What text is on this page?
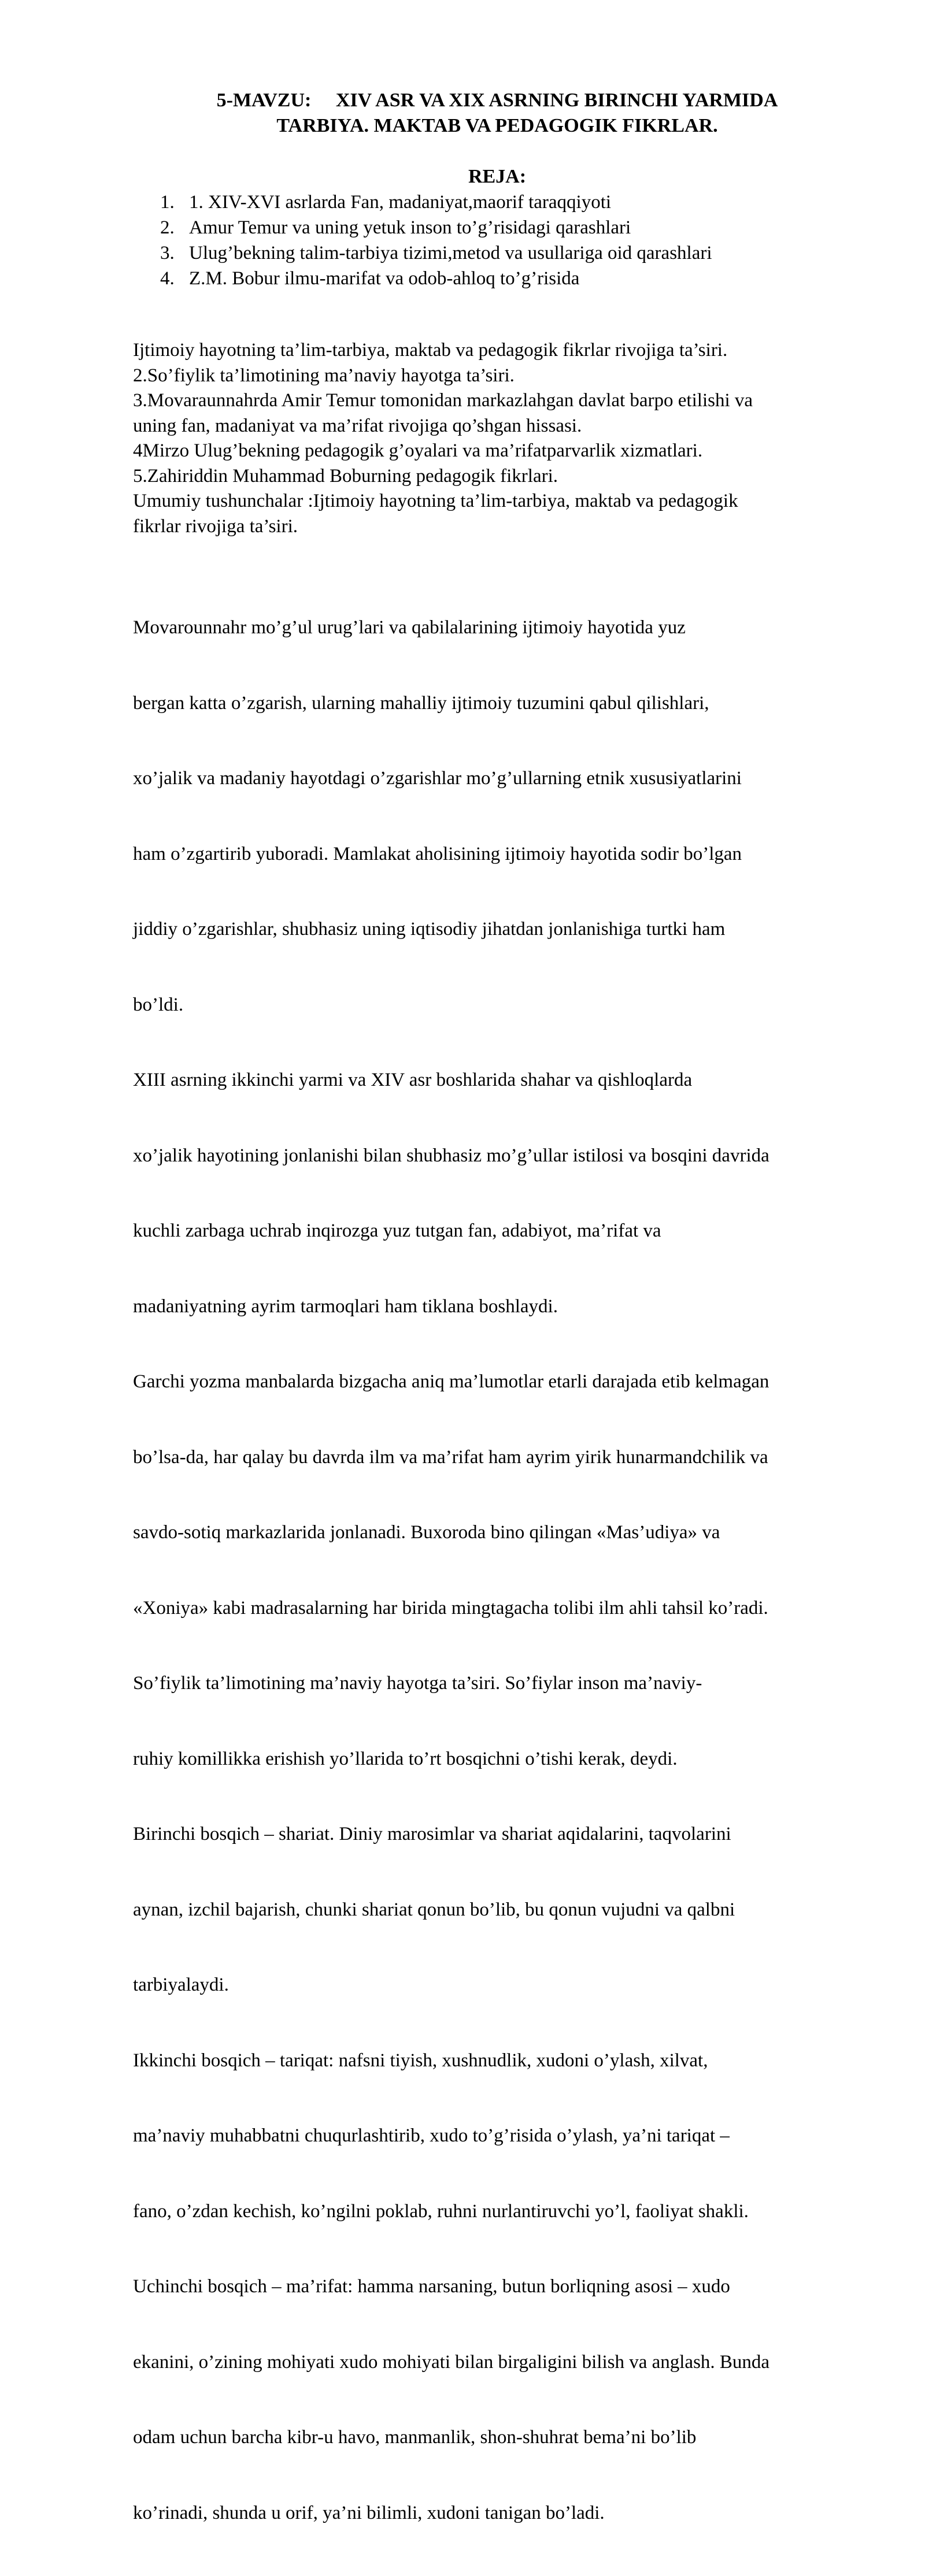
5-MAVZU:     XIV ASR VA XIX ASRNING BIRINCHI YARMIDA
TARBIYA. MAKTAB VA PEDAGOGIK FIKRLAR.
REJA:
1. 1. XIV-XVI asrlarda Fan, madaniyat,maorif taraqqiyoti
2. Amur Temur va uning yetuk inson to’g’risidagi qarashlari
3. Ulug’bekning talim-tarbiya tizimi,metod va usullariga oid qarashlari
4. Z.M. Bobur ilmu-marifat va odob-ahloq to’g’risida
Ijtimoiy hayotning ta’lim-tarbiya, maktab va pedagogik fikrlar rivojiga ta’siri.
2.So’fiylik ta’limotining ma’naviy hayotga ta’siri.
3.Movaraunnahrda Amir Temur tomonidan markazlahgan davlat barpo etilishi va
uning fan, madaniyat va ma’rifat rivojiga qo’shgan hissasi.
4Mirzo Ulug’bekning pedagogik g’oyalari va ma’rifatparvarlik xizmatlari.
5.Zahiriddin Muhammad Boburning pedagogik fikrlari.
Umumiy tushunchalar :Ijtimoiy hayotning ta’lim-tarbiya, maktab va pedagogik
fikrlar rivojiga ta’siri.

Movarounnahr mo’g’ul urug’lari va qabilalarining ijtimoiy hayotida yuz

bergan katta o’zgarish, ularning mahalliy ijtimoiy tuzumini qabul qilishlari,

xo’jalik va madaniy hayotdagi o’zgarishlar mo’g’ullarning etnik xususiyatlarini

ham o’zgartirib yuboradi. Mamlakat aholisining ijtimoiy hayotida sodir bo’lgan

jiddiy o’zgarishlar, shubhasiz uning iqtisodiy jihatdan jonlanishiga turtki ham

bo’ldi.

XIII asrning ikkinchi yarmi va XIV asr boshlarida shahar va qishloqlarda

xo’jalik hayotining jonlanishi bilan shubhasiz mo’g’ullar istilosi va bosqini davrida

kuchli zarbaga uchrab inqirozga yuz tutgan fan, adabiyot, ma’rifat va

madaniyatning ayrim tarmoqlari ham tiklana boshlaydi.

Garchi yozma manbalarda bizgacha aniq ma’lumotlar etarli darajada etib kelmagan

bo’lsa-da, har qalay bu davrda ilm va ma’rifat ham ayrim yirik hunarmandchilik va

savdo-sotiq markazlarida jonlanadi. Buxoroda bino qilingan «Mas’udiya» va

«Xoniya» kabi madrasalarning har birida mingtagacha tolibi ilm ahli tahsil ko’radi.

So’fiylik ta’limotining ma’naviy hayotga ta’siri. So’fiylar inson ma’naviy-

ruhiy komillikka erishish yo’llarida to’rt bosqichni o’tishi kerak, deydi.

Birinchi bosqich – shariat. Diniy marosimlar va shariat aqidalarini, taqvolarini

aynan, izchil bajarish, chunki shariat qonun bo’lib, bu qonun vujudni va qalbni

tarbiyalaydi.

Ikkinchi bosqich – tariqat: nafsni tiyish, xushnudlik, xudoni o’ylash, xilvat,

ma’naviy muhabbatni chuqurlashtirib, xudo to’g’risida o’ylash, ya’ni tariqat –

fano, o’zdan kechish, ko’ngilni poklab, ruhni nurlantiruvchi yo’l, faoliyat shakli.

Uchinchi bosqich – ma’rifat: hamma narsaning, butun borliqning asosi – xudo

ekanini, o’zining mohiyati xudo mohiyati bilan birgaligini bilish va anglash. Bunda

odam uchun barcha kibr-u havo, manmanlik, shon-shuhrat bema’ni bo’lib

ko’rinadi, shunda u orif, ya’ni bilimli, xudoni tanigan bo’ladi.
